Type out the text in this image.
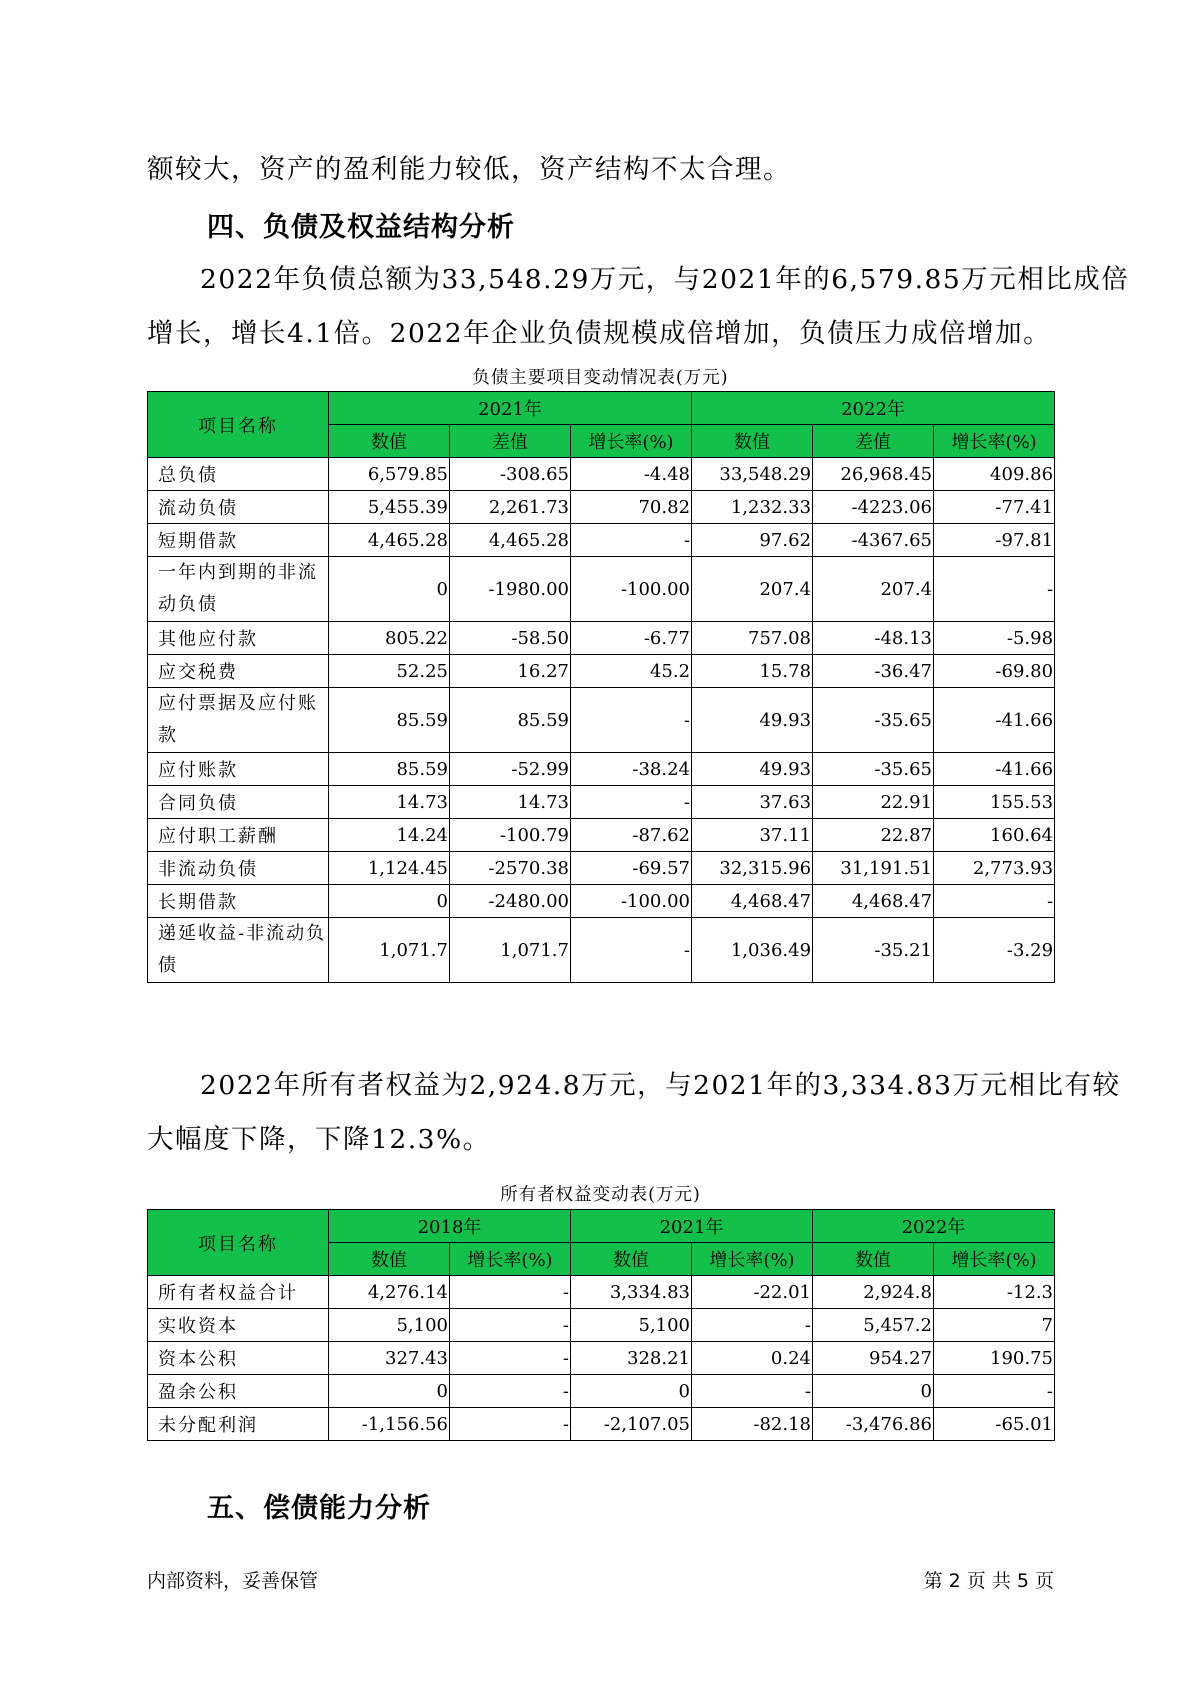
额较大，资产的盈利能力较低，资产结构不太合理。

四、负债及权益结构分析

2022年负债总额为33,548.29万元，与2021年的6,579.85万元相比成倍

增长，增长4.1倍。2022年企业负债规模成倍增加，负债压力成倍增加。

负债主要项目变动情况表(万元)
项目名称	2021年			2022年		
	数值	差值	增长率(%)	数值	差值	增长率(%)
总负债	6,579.85	-308.65	-4.48	33,548.29	26,968.45	409.86
流动负债	5,455.39	2,261.73	70.82	1,232.33	-4223.06	-77.41
短期借款	4,465.28	4,465.28	-	97.62	-4367.65	-97.81
一年内到期的非流动负债	0	-1980.00	-100.00	207.4	207.4	-
其他应付款	805.22	-58.50	-6.77	757.08	-48.13	-5.98
应交税费	52.25	16.27	45.2	15.78	-36.47	-69.80
应付票据及应付账款	85.59	85.59	-	49.93	-35.65	-41.66
应付账款	85.59	-52.99	-38.24	49.93	-35.65	-41.66
合同负债	14.73	14.73	-	37.63	22.91	155.53
应付职工薪酬	14.24	-100.79	-87.62	37.11	22.87	160.64
非流动负债	1,124.45	-2570.38	-69.57	32,315.96	31,191.51	2,773.93
长期借款	0	-2480.00	-100.00	4,468.47	4,468.47	-
递延收益-非流动负债	1,071.7	1,071.7	-	1,036.49	-35.21	-3.29

2022年所有者权益为2,924.8万元，与2021年的3,334.83万元相比有较

大幅度下降，下降12.3%。

所有者权益变动表(万元)
项目名称	2018年		2021年		2022年	
	数值	增长率(%)	数值	增长率(%)	数值	增长率(%)
所有者权益合计	4,276.14	-	3,334.83	-22.01	2,924.8	-12.3
实收资本	5,100	-	5,100	-	5,457.2	7
资本公积	327.43	-	328.21	0.24	954.27	190.75
盈余公积	0	-	0	-	0	-
未分配利润	-1,156.56	-	-2,107.05	-82.18	-3,476.86	-65.01
五、偿债能力分析
内部资料，妥善保管	第 2 页 共 5 页
